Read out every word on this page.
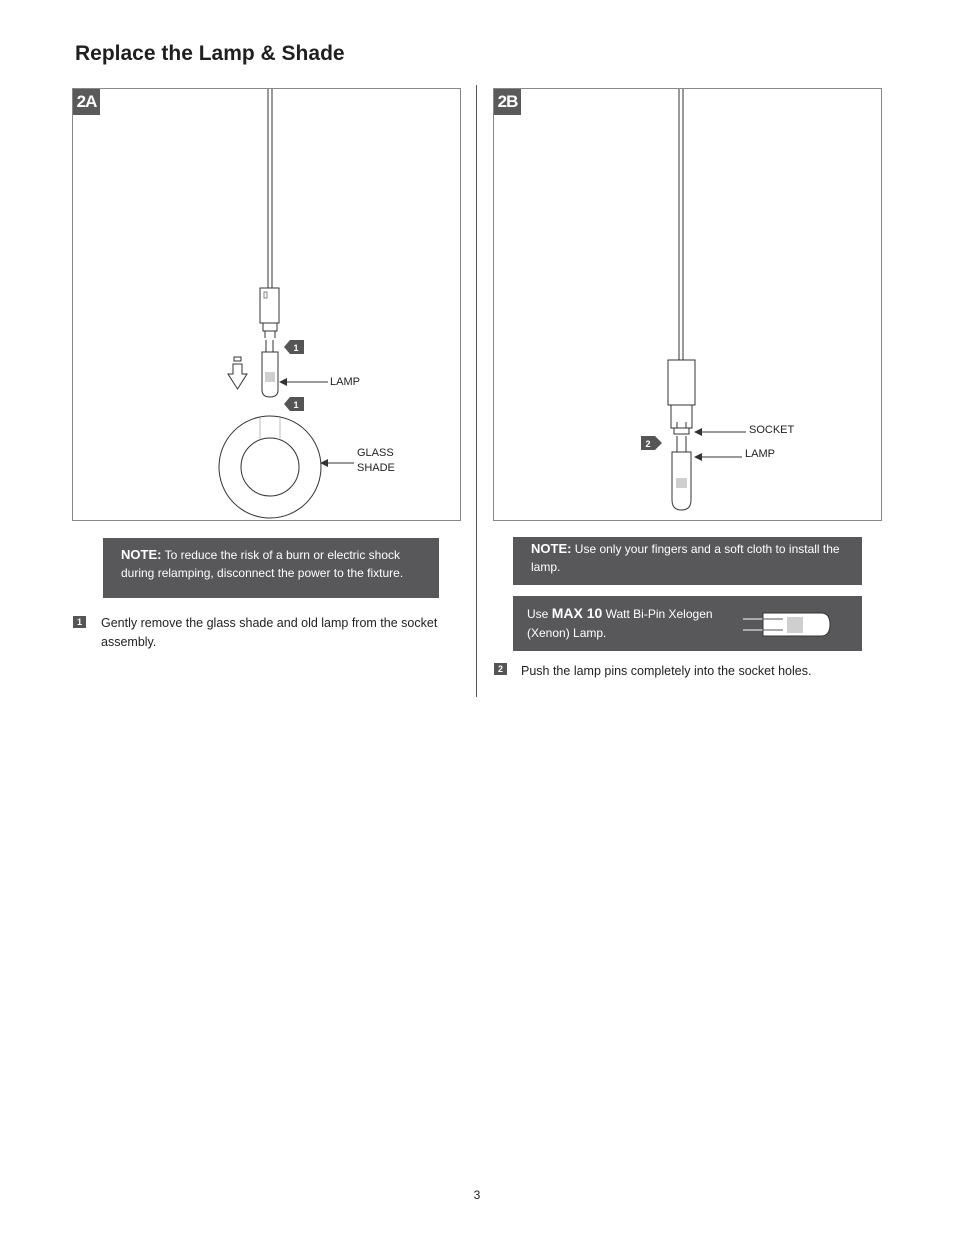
Replace the Lamp & Shade
2A
1
1
LAMP
GLASS
SHADE
2B
2
SOCKET
LAMP
NOTE: To reduce the risk of a burn or electric shock during relamping, disconnect the power to the fixture.
1	Gently remove the glass shade and old lamp from the socket assembly.
NOTE: Use only your fingers and a soft cloth to install the lamp.
Use MAX 10 Watt Bi-Pin Xelogen (Xenon) Lamp.
2	Push the lamp pins completely into the socket holes.
3
